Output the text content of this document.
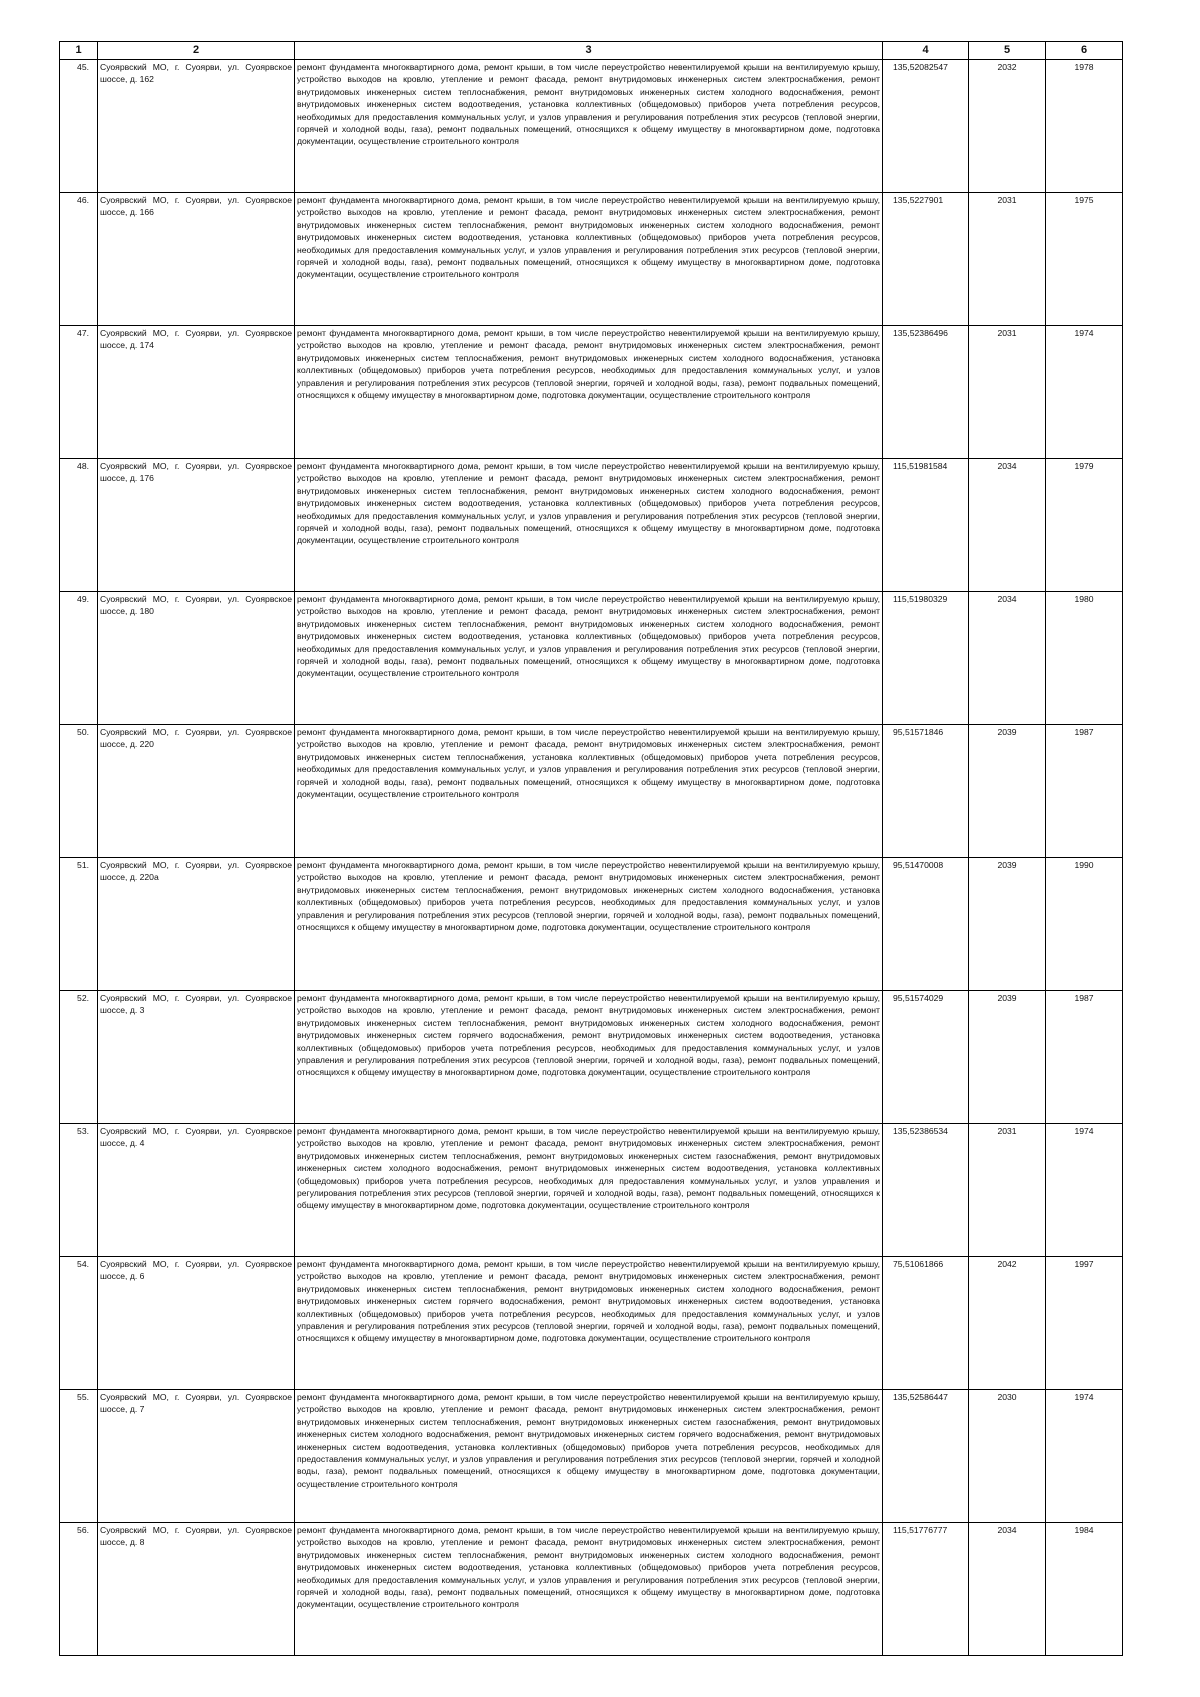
1	2	3	4	5	6
45.	Суоярвский МО, г. Суоярви, ул. Суоярвское шоссе, д. 162	ремонт фундамента многоквартирного дома, ремонт крыши, в том числе переустройство невентилируемой крыши на вентилируемую крышу, устройство выходов на кровлю, утепление и ремонт фасада, ремонт внутридомовых инженерных систем электроснабжения, ремонт внутридомовых инженерных систем теплоснабжения, ремонт внутридомовых инженерных систем холодного водоснабжения, ремонт внутридомовых инженерных систем водоотведения, установка коллективных (общедомовых) приборов учета потребления ресурсов, необходимых для предоставления коммунальных услуг, и узлов управления и регулирования потребления этих ресурсов (тепловой энергии, горячей и холодной воды, газа), ремонт подвальных помещений, относящихся к общему имуществу в многоквартирном доме, подготовка документации, осуществление строительного контроля	135,52082547	2032	1978
46.	Суоярвский МО, г. Суоярви, ул. Суоярвское шоссе, д. 166	ремонт фундамента многоквартирного дома, ремонт крыши, в том числе переустройство невентилируемой крыши на вентилируемую крышу, устройство выходов на кровлю, утепление и ремонт фасада, ремонт внутридомовых инженерных систем электроснабжения, ремонт внутридомовых инженерных систем теплоснабжения, ремонт внутридомовых инженерных систем холодного водоснабжения, ремонт внутридомовых инженерных систем водоотведения, установка коллективных (общедомовых) приборов учета потребления ресурсов, необходимых для предоставления коммунальных услуг, и узлов управления и регулирования потребления этих ресурсов (тепловой энергии, горячей и холодной воды, газа), ремонт подвальных помещений, относящихся к общему имуществу в многоквартирном доме, подготовка документации, осуществление строительного контроля	135,5227901	2031	1975
47.	Суоярвский МО, г. Суоярви, ул. Суоярвское шоссе, д. 174	ремонт фундамента многоквартирного дома, ремонт крыши, в том числе переустройство невентилируемой крыши на вентилируемую крышу, устройство выходов на кровлю, утепление и ремонт фасада, ремонт внутридомовых инженерных систем электроснабжения, ремонт внутридомовых инженерных систем теплоснабжения, ремонт внутридомовых инженерных систем холодного водоснабжения, установка коллективных (общедомовых) приборов учета потребления ресурсов, необходимых для предоставления коммунальных услуг, и узлов управления и регулирования потребления этих ресурсов (тепловой энергии, горячей и холодной воды, газа), ремонт подвальных помещений, относящихся к общему имуществу в многоквартирном доме, подготовка документации, осуществление строительного контроля	135,52386496	2031	1974
48.	Суоярвский МО, г. Суоярви, ул. Суоярвское шоссе, д. 176	ремонт фундамента многоквартирного дома, ремонт крыши, в том числе переустройство невентилируемой крыши на вентилируемую крышу, устройство выходов на кровлю, утепление и ремонт фасада, ремонт внутридомовых инженерных систем электроснабжения, ремонт внутридомовых инженерных систем теплоснабжения, ремонт внутридомовых инженерных систем холодного водоснабжения, ремонт внутридомовых инженерных систем водоотведения, установка коллективных (общедомовых) приборов учета потребления ресурсов, необходимых для предоставления коммунальных услуг, и узлов управления и регулирования потребления этих ресурсов (тепловой энергии, горячей и холодной воды, газа), ремонт подвальных помещений, относящихся к общему имуществу в многоквартирном доме, подготовка документации, осуществление строительного контроля	115,51981584	2034	1979
49.	Суоярвский МО, г. Суоярви, ул. Суоярвское шоссе, д. 180	ремонт фундамента многоквартирного дома, ремонт крыши, в том числе переустройство невентилируемой крыши на вентилируемую крышу, устройство выходов на кровлю, утепление и ремонт фасада, ремонт внутридомовых инженерных систем электроснабжения, ремонт внутридомовых инженерных систем теплоснабжения, ремонт внутридомовых инженерных систем холодного водоснабжения, ремонт внутридомовых инженерных систем водоотведения, установка коллективных (общедомовых) приборов учета потребления ресурсов, необходимых для предоставления коммунальных услуг, и узлов управления и регулирования потребления этих ресурсов (тепловой энергии, горячей и холодной воды, газа), ремонт подвальных помещений, относящихся к общему имуществу в многоквартирном доме, подготовка документации, осуществление строительного контроля	115,51980329	2034	1980
50.	Суоярвский МО, г. Суоярви, ул. Суоярвское шоссе, д. 220	ремонт фундамента многоквартирного дома, ремонт крыши, в том числе переустройство невентилируемой крыши на вентилируемую крышу, устройство выходов на кровлю, утепление и ремонт фасада, ремонт внутридомовых инженерных систем электроснабжения, ремонт внутридомовых инженерных систем теплоснабжения, установка коллективных (общедомовых) приборов учета потребления ресурсов, необходимых для предоставления коммунальных услуг, и узлов управления и регулирования потребления этих ресурсов (тепловой энергии, горячей и холодной воды, газа), ремонт подвальных помещений, относящихся к общему имуществу в многоквартирном доме, подготовка документации, осуществление строительного контроля	95,51571846	2039	1987
51.	Суоярвский МО, г. Суоярви, ул. Суоярвское шоссе, д. 220а	ремонт фундамента многоквартирного дома, ремонт крыши, в том числе переустройство невентилируемой крыши на вентилируемую крышу, устройство выходов на кровлю, утепление и ремонт фасада, ремонт внутридомовых инженерных систем электроснабжения, ремонт внутридомовых инженерных систем теплоснабжения, ремонт внутридомовых инженерных систем холодного водоснабжения, установка коллективных (общедомовых) приборов учета потребления ресурсов, необходимых для предоставления коммунальных услуг, и узлов управления и регулирования потребления этих ресурсов (тепловой энергии, горячей и холодной воды, газа), ремонт подвальных помещений, относящихся к общему имуществу в многоквартирном доме, подготовка документации, осуществление строительного контроля	95,51470008	2039	1990
52.	Суоярвский МО, г. Суоярви, ул. Суоярвское шоссе, д. 3	ремонт фундамента многоквартирного дома, ремонт крыши, в том числе переустройство невентилируемой крыши на вентилируемую крышу, устройство выходов на кровлю, утепление и ремонт фасада, ремонт внутридомовых инженерных систем электроснабжения, ремонт внутридомовых инженерных систем теплоснабжения, ремонт внутридомовых инженерных систем холодного водоснабжения, ремонт внутридомовых инженерных систем горячего водоснабжения, ремонт внутридомовых инженерных систем водоотведения, установка коллективных (общедомовых) приборов учета потребления ресурсов, необходимых для предоставления коммунальных услуг, и узлов управления и регулирования потребления этих ресурсов (тепловой энергии, горячей и холодной воды, газа), ремонт подвальных помещений, относящихся к общему имуществу в многоквартирном доме, подготовка документации, осуществление строительного контроля	95,51574029	2039	1987
53.	Суоярвский МО, г. Суоярви, ул. Суоярвское шоссе, д. 4	ремонт фундамента многоквартирного дома, ремонт крыши, в том числе переустройство невентилируемой крыши на вентилируемую крышу, устройство выходов на кровлю, утепление и ремонт фасада, ремонт внутридомовых инженерных систем электроснабжения, ремонт внутридомовых инженерных систем теплоснабжения, ремонт внутридомовых инженерных систем газоснабжения, ремонт внутридомовых инженерных систем холодного водоснабжения, ремонт внутридомовых инженерных систем водоотведения, установка коллективных (общедомовых) приборов учета потребления ресурсов, необходимых для предоставления коммунальных услуг, и узлов управления и регулирования потребления этих ресурсов (тепловой энергии, горячей и холодной воды, газа), ремонт подвальных помещений, относящихся к общему имуществу в многоквартирном доме, подготовка документации, осуществление строительного контроля	135,52386534	2031	1974
54.	Суоярвский МО, г. Суоярви, ул. Суоярвское шоссе, д. 6	ремонт фундамента многоквартирного дома, ремонт крыши, в том числе переустройство невентилируемой крыши на вентилируемую крышу, устройство выходов на кровлю, утепление и ремонт фасада, ремонт внутридомовых инженерных систем электроснабжения, ремонт внутридомовых инженерных систем теплоснабжения, ремонт внутридомовых инженерных систем холодного водоснабжения, ремонт внутридомовых инженерных систем горячего водоснабжения, ремонт внутридомовых инженерных систем водоотведения, установка коллективных (общедомовых) приборов учета потребления ресурсов, необходимых для предоставления коммунальных услуг, и узлов управления и регулирования потребления этих ресурсов (тепловой энергии, горячей и холодной воды, газа), ремонт подвальных помещений, относящихся к общему имуществу в многоквартирном доме, подготовка документации, осуществление строительного контроля	75,51061866	2042	1997
55.	Суоярвский МО, г. Суоярви, ул. Суоярвское шоссе, д. 7	ремонт фундамента многоквартирного дома, ремонт крыши, в том числе переустройство невентилируемой крыши на вентилируемую крышу, устройство выходов на кровлю, утепление и ремонт фасада, ремонт внутридомовых инженерных систем электроснабжения, ремонт внутридомовых инженерных систем теплоснабжения, ремонт внутридомовых инженерных систем газоснабжения, ремонт внутридомовых инженерных систем холодного водоснабжения, ремонт внутридомовых инженерных систем горячего водоснабжения, ремонт внутридомовых инженерных систем водоотведения, установка коллективных (общедомовых) приборов учета потребления ресурсов, необходимых для предоставления коммунальных услуг, и узлов управления и регулирования потребления этих ресурсов (тепловой энергии, горячей и холодной воды, газа), ремонт подвальных помещений, относящихся к общему имуществу в многоквартирном доме, подготовка документации, осуществление строительного контроля	135,52586447	2030	1974
56.	Суоярвский МО, г. Суоярви, ул. Суоярвское шоссе, д. 8	ремонт фундамента многоквартирного дома, ремонт крыши, в том числе переустройство невентилируемой крыши на вентилируемую крышу, устройство выходов на кровлю, утепление и ремонт фасада, ремонт внутридомовых инженерных систем электроснабжения, ремонт внутридомовых инженерных систем теплоснабжения, ремонт внутридомовых инженерных систем холодного водоснабжения, ремонт внутридомовых инженерных систем водоотведения, установка коллективных (общедомовых) приборов учета потребления ресурсов, необходимых для предоставления коммунальных услуг, и узлов управления и регулирования потребления этих ресурсов (тепловой энергии, горячей и холодной воды, газа), ремонт подвальных помещений, относящихся к общему имуществу в многоквартирном доме, подготовка документации, осуществление строительного контроля	115,51776777	2034	1984
